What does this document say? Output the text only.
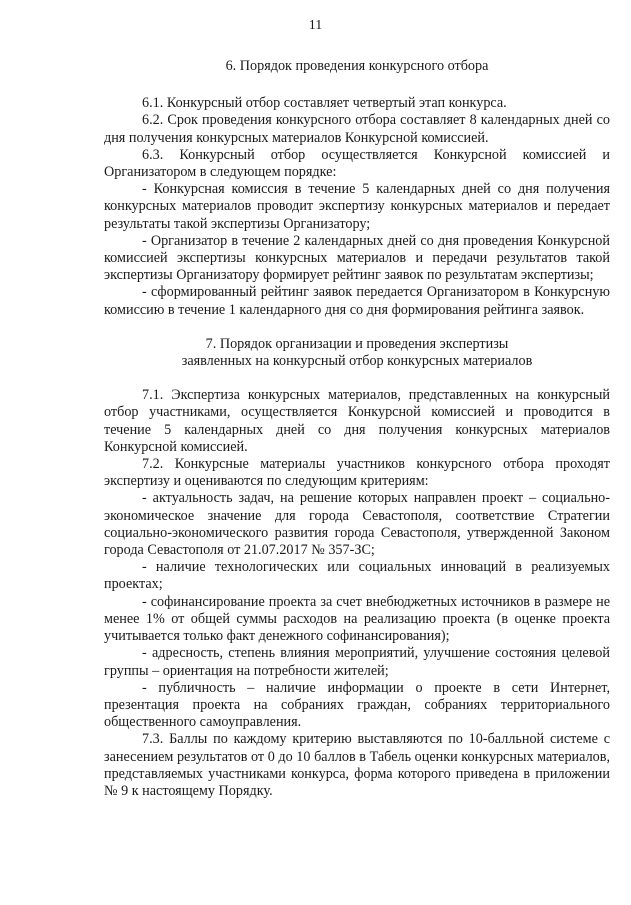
11

6. Порядок проведения конкурсного отбора

6.1. Конкурсный отбор составляет четвертый этап конкурса.

6.2. Срок проведения конкурсного отбора составляет 8 календарных дней со дня получения конкурсных материалов Конкурсной комиссией.

6.3. Конкурсный отбор осуществляется Конкурсной комиссией и Организатором в следующем порядке:

- Конкурсная комиссия в течение 5 календарных дней со дня получения конкурсных материалов проводит экспертизу конкурсных материалов и передает результаты такой экспертизы Организатору;

- Организатор в течение 2 календарных дней со дня проведения Конкурсной комиссией экспертизы конкурсных материалов и передачи результатов такой экспертизы Организатору формирует рейтинг заявок по результатам экспертизы;

- сформированный рейтинг заявок передается Организатором в Конкурсную комиссию в течение 1 календарного дня со дня формирования рейтинга заявок.

7. Порядок организации и проведения экспертизы

заявленных на конкурсный отбор конкурсных материалов

7.1. Экспертиза конкурсных материалов, представленных на конкурсный отбор участниками, осуществляется Конкурсной комиссией и проводится в течение 5 календарных дней со дня получения конкурсных материалов Конкурсной комиссией.

7.2. Конкурсные материалы участников конкурсного отбора проходят экспертизу и оцениваются по следующим критериям:

- актуальность задач, на решение которых направлен проект – социально-экономическое значение для города Севастополя, соответствие Стратегии социально-экономического развития города Севастополя, утвержденной Законом города Севастополя от 21.07.2017 № 357-ЗС;

- наличие технологических или социальных инноваций в реализуемых проектах;

- софинансирование проекта за счет внебюджетных источников в размере не менее 1% от общей суммы расходов на реализацию проекта (в оценке проекта учитывается только факт денежного софинансирования);

- адресность, степень влияния мероприятий, улучшение состояния целевой группы – ориентация на потребности жителей;

- публичность – наличие информации о проекте в сети Интернет, презентация проекта на собраниях граждан, собраниях территориального общественного самоуправления.

7.3. Баллы по каждому критерию выставляются по 10-балльной системе с занесением результатов от 0 до 10 баллов в Табель оценки конкурсных материалов, представляемых участниками конкурса, форма которого приведена в приложении № 9 к настоящему Порядку.
